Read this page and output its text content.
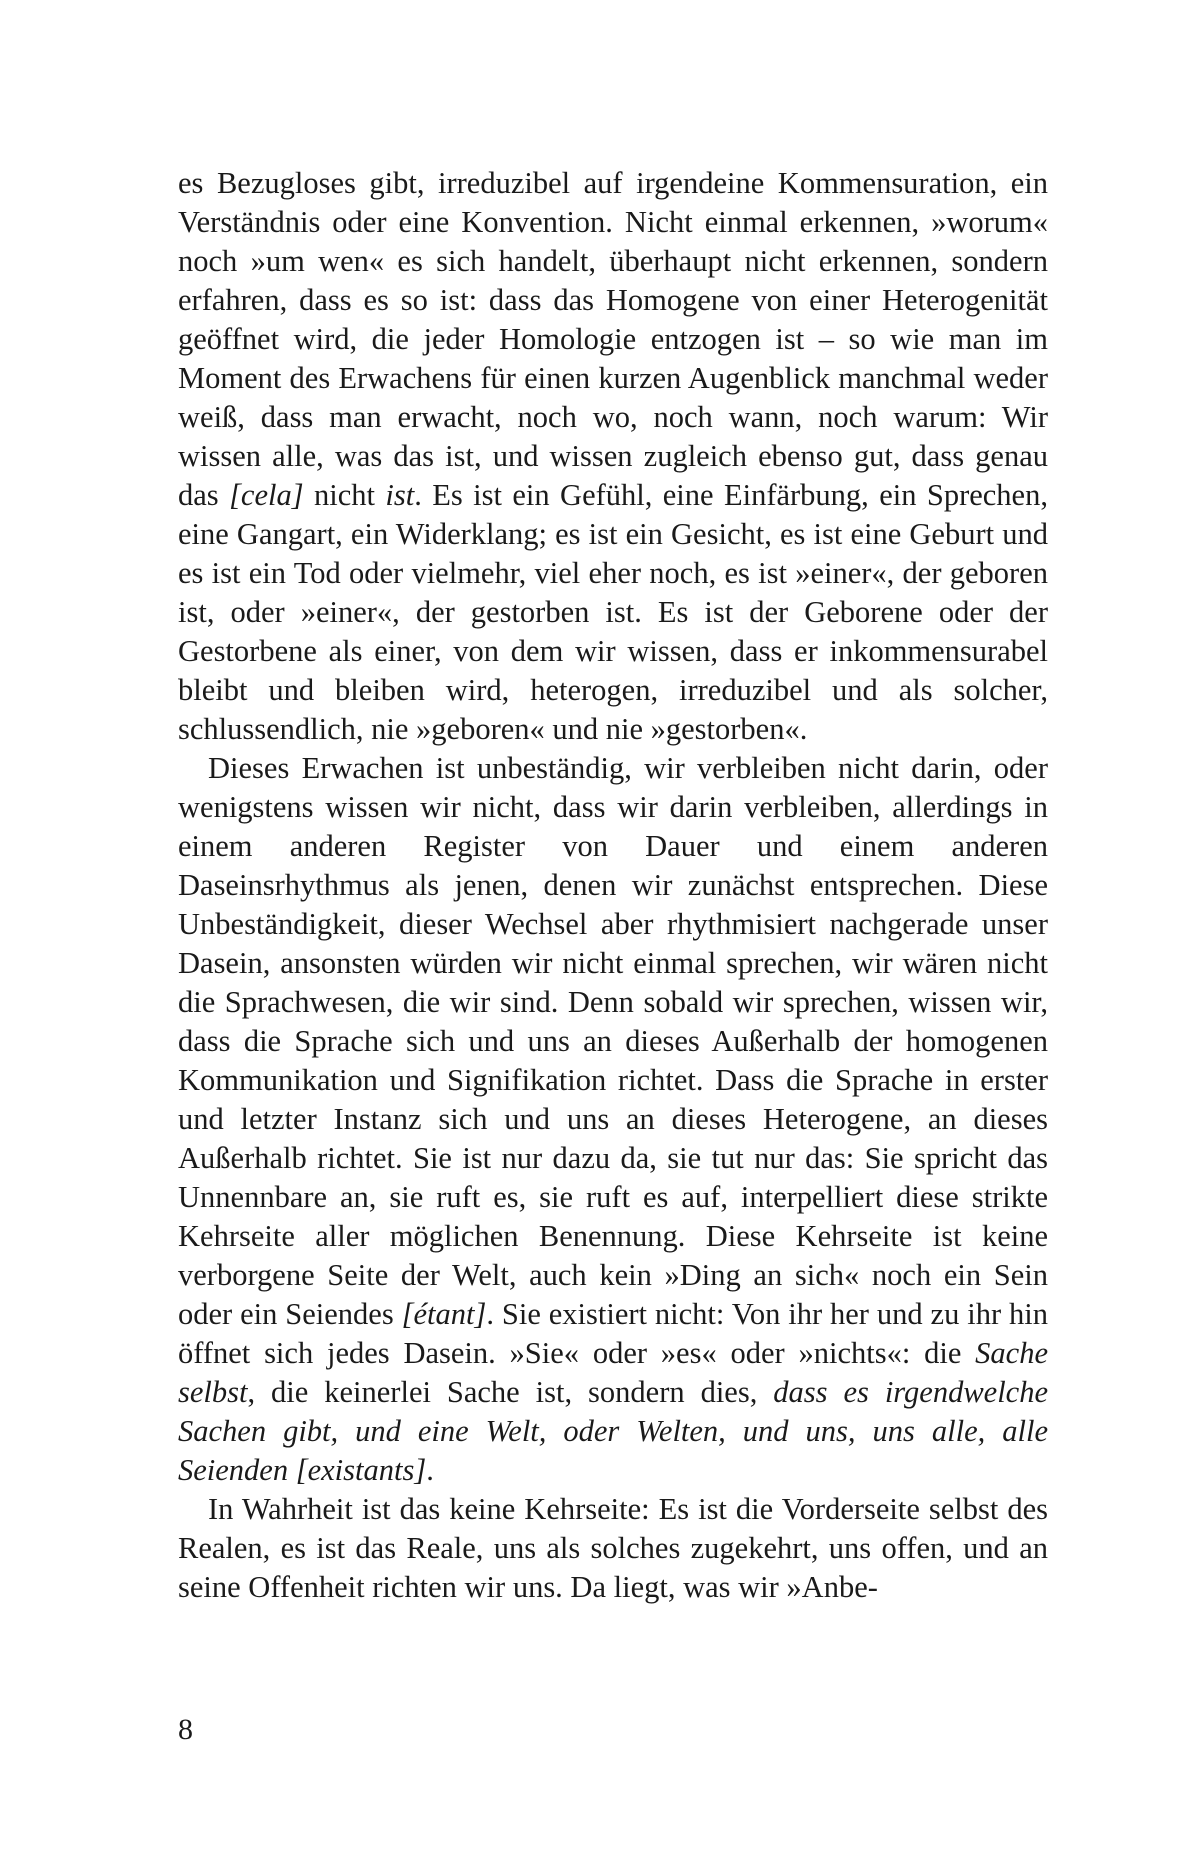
es Bezugloses gibt, irreduzibel auf irgendeine Kommensuration, ein Verständnis oder eine Konvention. Nicht einmal erkennen, »worum« noch »um wen« es sich handelt, überhaupt nicht erkennen, sondern erfahren, dass es so ist: dass das Homogene von einer Heterogenität geöffnet wird, die jeder Homologie entzogen ist – so wie man im Moment des Erwachens für einen kurzen Augenblick manchmal weder weiß, dass man erwacht, noch wo, noch wann, noch warum: Wir wissen alle, was das ist, und wissen zugleich ebenso gut, dass genau das [cela] nicht ist. Es ist ein Gefühl, eine Einfärbung, ein Sprechen, eine Gangart, ein Widerklang; es ist ein Gesicht, es ist eine Geburt und es ist ein Tod oder vielmehr, viel eher noch, es ist »einer«, der geboren ist, oder »einer«, der gestorben ist. Es ist der Geborene oder der Gestorbene als einer, von dem wir wissen, dass er inkommensurabel bleibt und bleiben wird, heterogen, irreduzibel und als solcher, schlussendlich, nie »geboren« und nie »gestorben«.

Dieses Erwachen ist unbeständig, wir verbleiben nicht darin, oder wenigstens wissen wir nicht, dass wir darin verbleiben, allerdings in einem anderen Register von Dauer und einem anderen Daseinsrhythmus als jenen, denen wir zunächst entsprechen. Diese Unbeständigkeit, dieser Wechsel aber rhythmisiert nachgerade unser Dasein, ansonsten würden wir nicht einmal sprechen, wir wären nicht die Sprachwesen, die wir sind. Denn sobald wir sprechen, wissen wir, dass die Sprache sich und uns an dieses Außerhalb der homogenen Kommunikation und Signifikation richtet. Dass die Sprache in erster und letzter Instanz sich und uns an dieses Heterogene, an dieses Außerhalb richtet. Sie ist nur dazu da, sie tut nur das: Sie spricht das Unnennbare an, sie ruft es, sie ruft es auf, interpelliert diese strikte Kehrseite aller möglichen Benennung. Diese Kehrseite ist keine verborgene Seite der Welt, auch kein »Ding an sich« noch ein Sein oder ein Seiendes [étant]. Sie existiert nicht: Von ihr her und zu ihr hin öffnet sich jedes Dasein. »Sie« oder »es« oder »nichts«: die Sache selbst, die keinerlei Sache ist, sondern dies, dass es irgendwelche Sachen gibt, und eine Welt, oder Welten, und uns, uns alle, alle Seienden [existants].

In Wahrheit ist das keine Kehrseite: Es ist die Vorderseite selbst des Realen, es ist das Reale, uns als solches zugekehrt, uns offen, und an seine Offenheit richten wir uns. Da liegt, was wir »Anbe-

8
